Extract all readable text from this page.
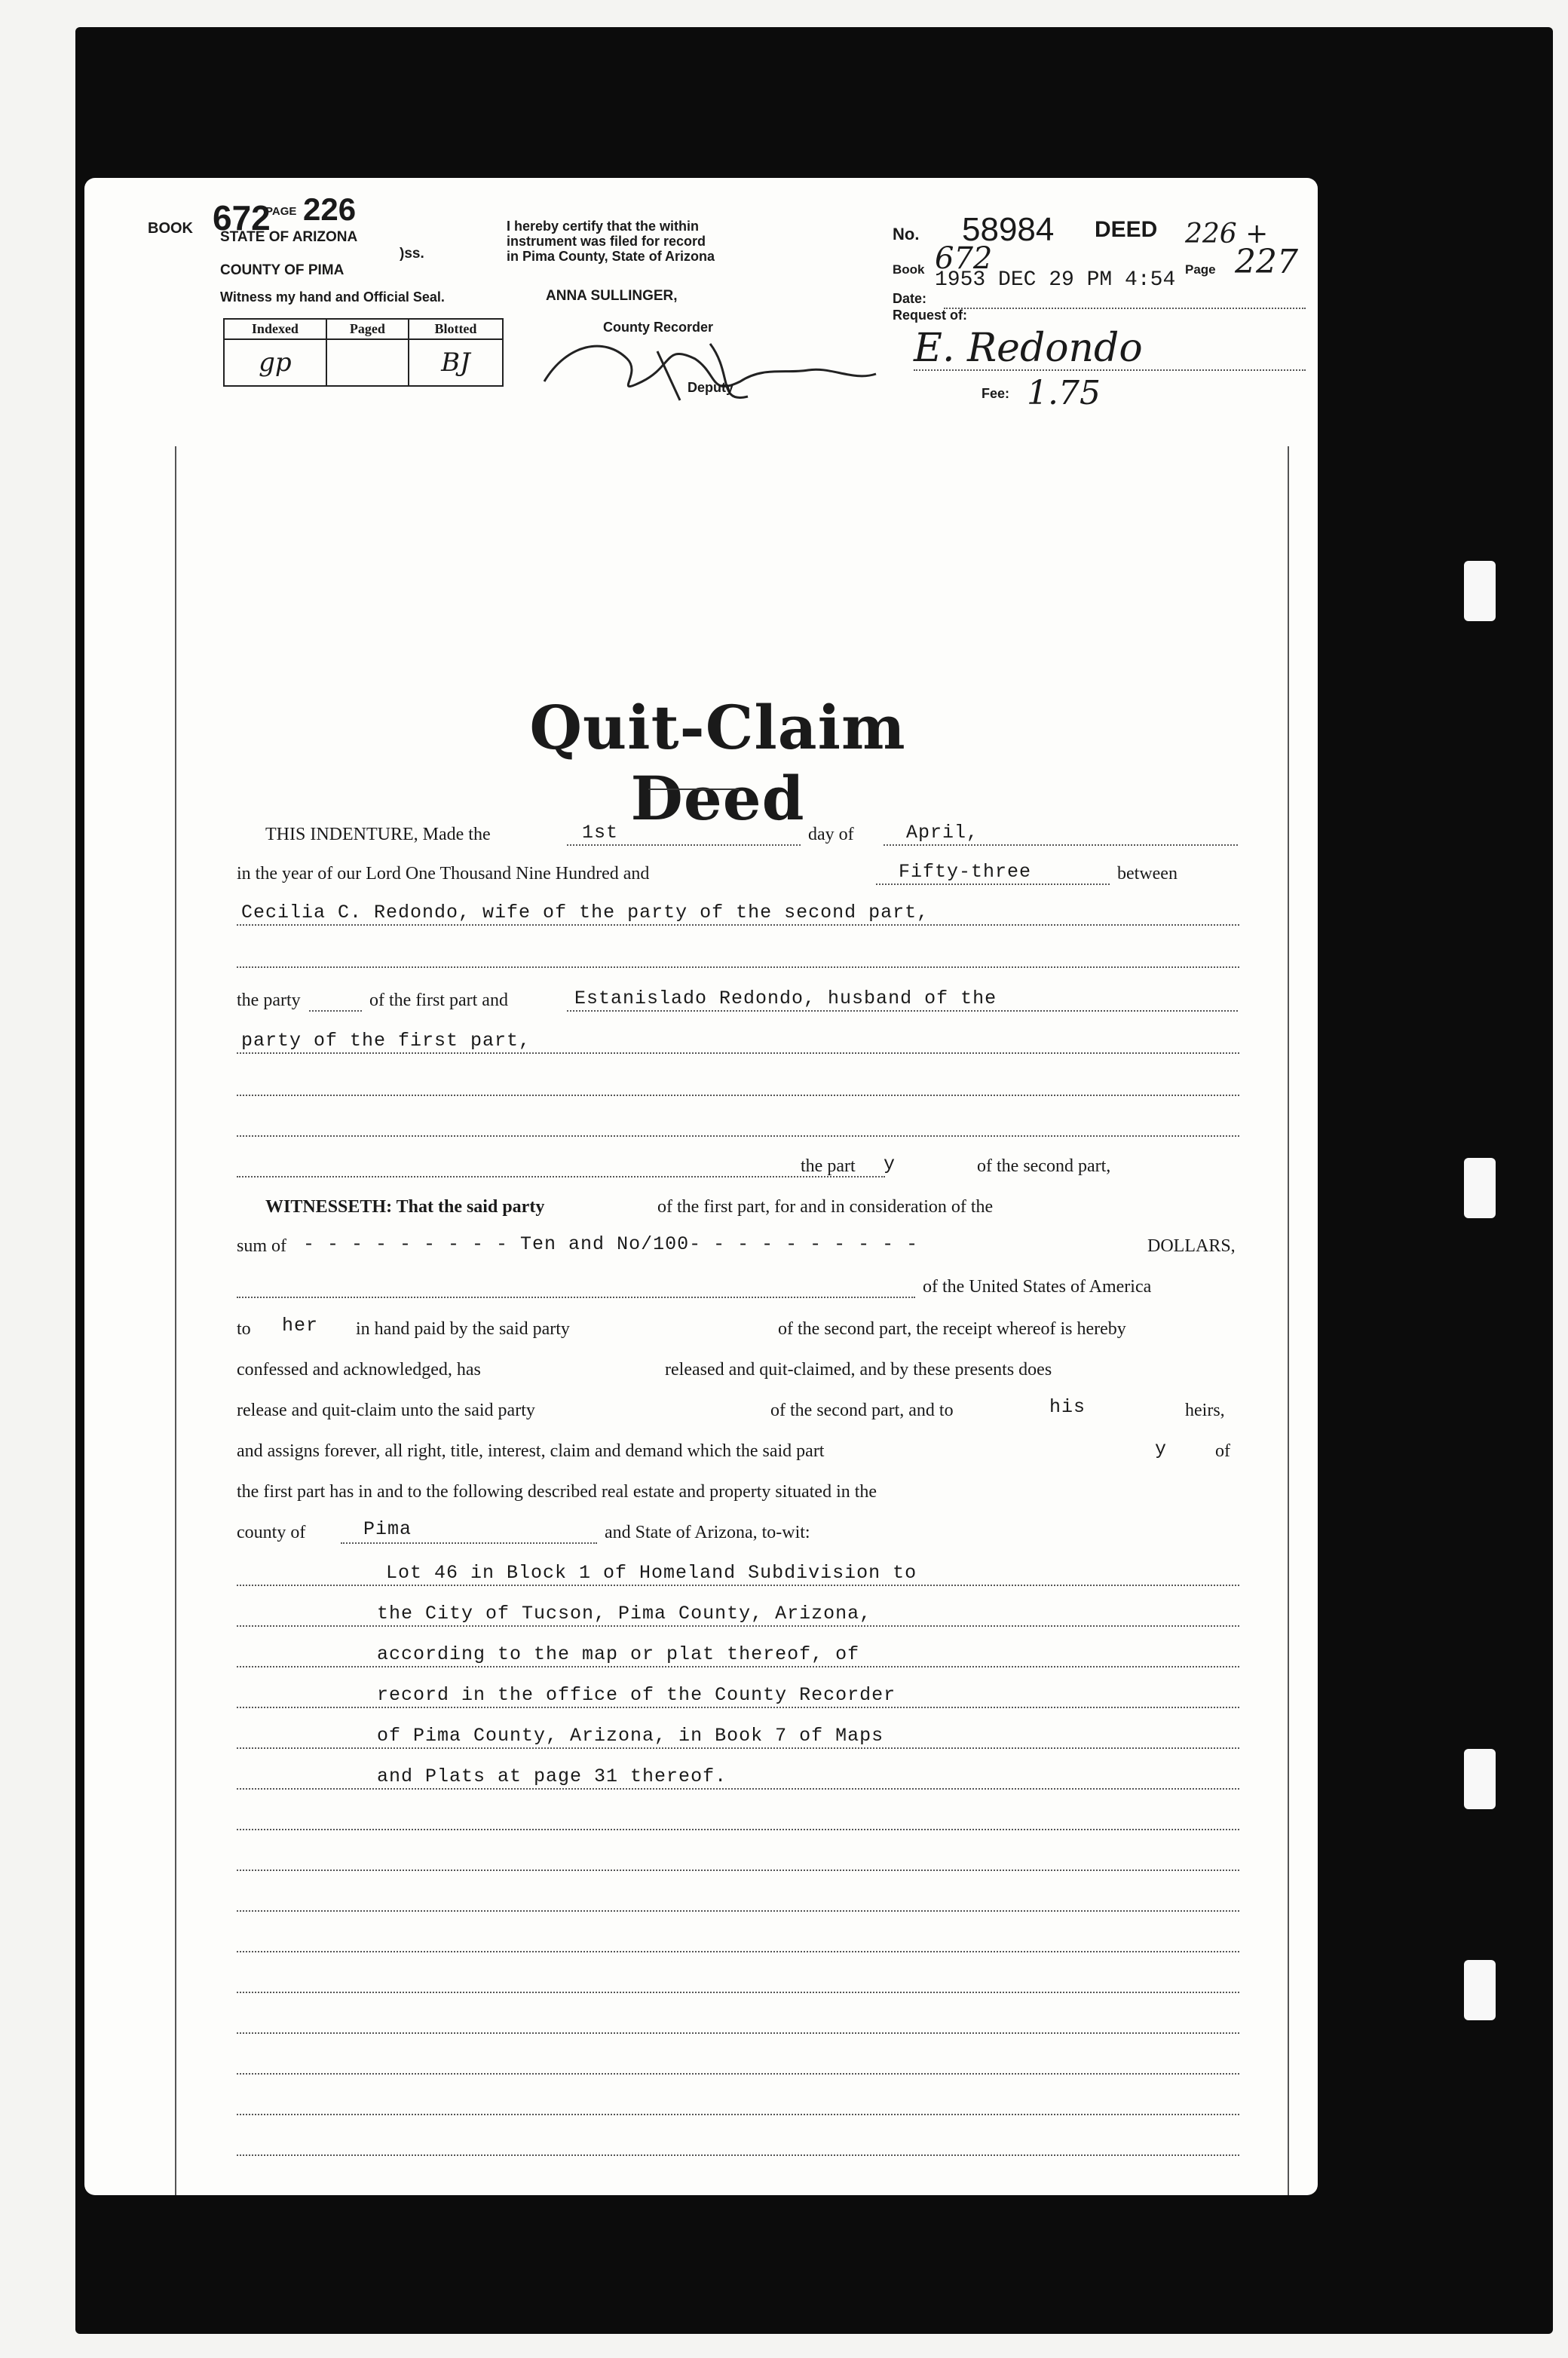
BOOK 672
PAGE 226
STATE OF ARIZONA
)ss.
COUNTY OF PIMA
Witness my hand and Official Seal.
Indexed	Paged	Blotted
gp		BJ
I hereby certify that the within
instrument was filed for record
in Pima County, State of Arizona
ANNA SULLINGER,
County Recorder
Deputy
No. 58984 DEED 226 +
Book 672
1953 DEC 29 PM 4:54 Page 227
Date:
Request of:
E. Redondo
Fee: 1.75
Quit-Claim Deed
THIS INDENTURE, Made the	1st	day of	April,
in the year of our Lord One Thousand Nine Hundred and	Fifty-three	between
Cecilia C. Redondo, wife of the party of the second part,
the party	of the first part and	Estanislado Redondo, husband of the
party of the first part,
the part y	of the second part,
WITNESSETH: That the said party	of the first part, for and in consideration of the
sum of - - - - - - - - - Ten and No/100- - - - - - - - - -	DOLLARS,
of the United States of America
to her in hand paid by the said party	of the second part, the receipt whereof is hereby
confessed and acknowledged, has	released and quit-claimed, and by these presents does
release and quit-claim unto the said party	of the second part, and to	his	heirs,
and assigns forever, all right, title, interest, claim and demand which the said part	y	of
the first part has in and to the following described real estate and property situated in the
county of	Pima	and State of Arizona, to-wit:
Lot 46 in Block 1 of Homeland Subdivision to
the City of Tucson, Pima County, Arizona,
according to the map or plat thereof, of
record in the office of the County Recorder
of Pima County, Arizona, in Book 7 of Maps
and Plats at page 31 thereof.
